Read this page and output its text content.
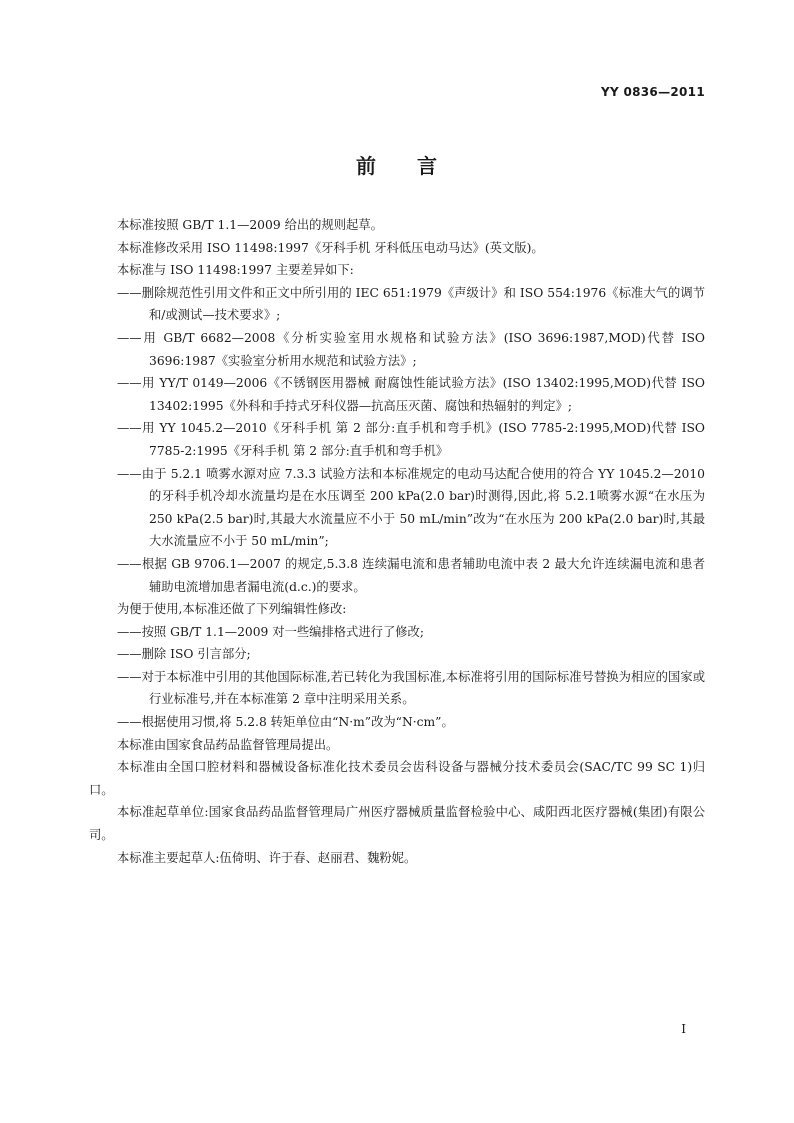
YY 0836—2011
前 言

本标准按照 GB/T 1.1—2009 给出的规则起草。

本标准修改采用 ISO 11498:1997《牙科手机 牙科低压电动马达》(英文版)。

本标准与 ISO 11498:1997 主要差异如下:

——删除规范性引用文件和正文中所引用的 IEC 651:1979《声级计》和 ISO 554:1976《标准大气的调节和/或测试—技术要求》;

——用 GB/T 6682—2008《分析实验室用水规格和试验方法》(ISO 3696:1987,MOD)代替 ISO 3696:1987《实验室分析用水规范和试验方法》;

——用 YY/T 0149—2006《不锈钢医用器械 耐腐蚀性能试验方法》(ISO 13402:1995,MOD)代替 ISO 13402:1995《外科和手持式牙科仪器—抗高压灭菌、腐蚀和热辐射的判定》;

——用 YY 1045.2—2010《牙科手机 第 2 部分:直手机和弯手机》(ISO 7785-2:1995,MOD)代替 ISO 7785-2:1995《牙科手机 第 2 部分:直手机和弯手机》

——由于 5.2.1 喷雾水源对应 7.3.3 试验方法和本标准规定的电动马达配合使用的符合 YY 1045.2—2010 的牙科手机冷却水流量均是在水压调至 200 kPa(2.0 bar)时测得,因此,将 5.2.1喷雾水源“在水压为 250 kPa(2.5 bar)时,其最大水流量应不小于 50 mL/min”改为“在水压为 200 kPa(2.0 bar)时,其最大水流量应不小于 50 mL/min”;

——根据 GB 9706.1—2007 的规定,5.3.8 连续漏电流和患者辅助电流中表 2 最大允许连续漏电流和患者辅助电流增加患者漏电流(d.c.)的要求。

为便于使用,本标准还做了下列编辑性修改:

——按照 GB/T 1.1—2009 对一些编排格式进行了修改;

——删除 ISO 引言部分;

——对于本标准中引用的其他国际标准,若已转化为我国标准,本标准将引用的国际标准号替换为相应的国家或行业标准号,并在本标准第 2 章中注明采用关系。

——根据使用习惯,将 5.2.8 转矩单位由“N·m”改为“N·cm”。

本标准由国家食品药品监督管理局提出。

本标准由全国口腔材料和器械设备标准化技术委员会齿科设备与器械分技术委员会(SAC/TC 99 SC 1)归口。

本标准起草单位:国家食品药品监督管理局广州医疗器械质量监督检验中心、咸阳西北医疗器械(集团)有限公司。

本标准主要起草人:伍倚明、许于春、赵丽君、魏粉妮。

I
